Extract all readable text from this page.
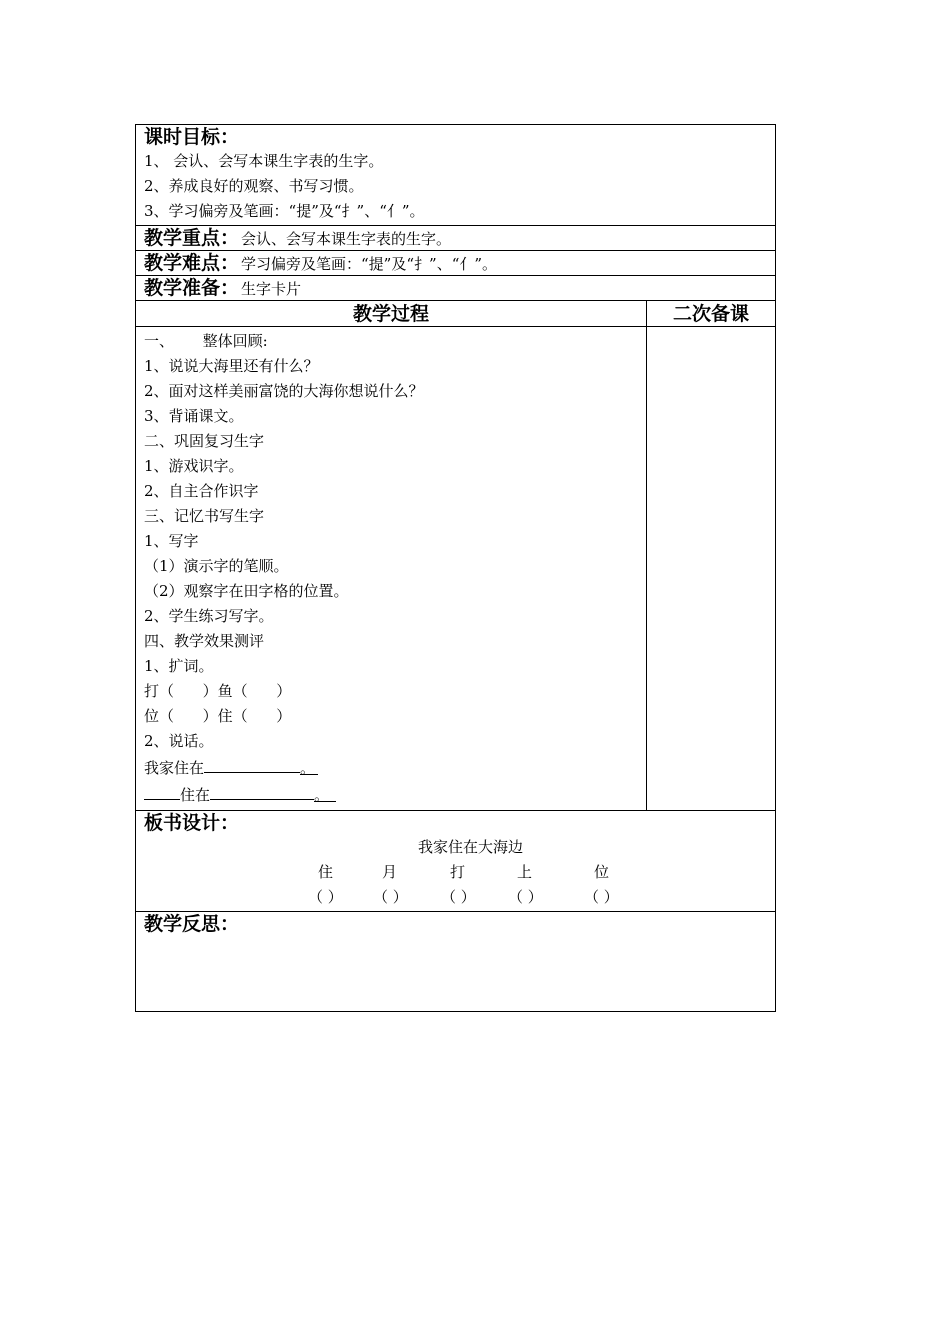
课时目标：
1、 会认、会写本课生字表的生字。
2、养成良好的观察、书写习惯。
3、学习偏旁及笔画：“提”及“扌”、“亻”。
教学重点： 会认、会写本课生字表的生字。
教学难点： 学习偏旁及笔画：“提”及“扌”、“亻”。
教学准备： 生字卡片
教学过程	二次备课
一、      整体回顾:
1、说说大海里还有什么？
2、面对这样美丽富饶的大海你想说什么？
3、背诵课文。
二、巩固复习生字
1、游戏识字。
2、自主合作识字
三、记忆书写生字
1、写字
（1）演示字的笔顺。
（2）观察字在田字格的位置。
2、学生练习写字。
四、教学效果测评
1、扩词。
打（      ）鱼（      ）
位（      ）住（      ）
2、说话。
我家住在	。
住在	。
板书设计：
我家住在大海边
住	月	打	上	位
（ ） （ ） （ ） （ ）	（ ）
教学反思：
